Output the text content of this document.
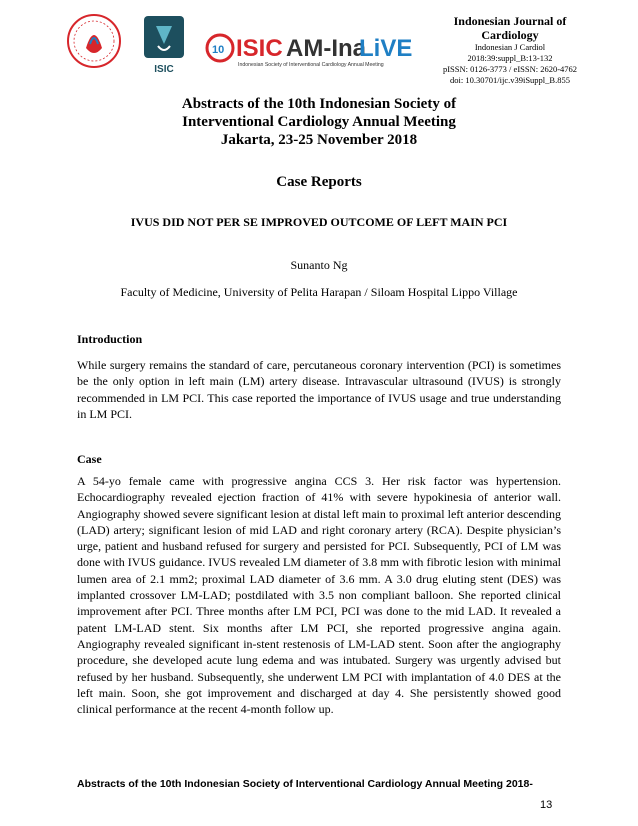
ISIC
10 ISIC AM-Ina
LiVE
Indonesian Society of Interventional Cardiology Annual Meeting
Indonesian Journal of Cardiology
Indonesian J Cardiol
2018:39:suppl_B:13-132
pISSN: 0126-3773 / eISSN: 2620-4762
doi: 10.30701/ijc.v39iSuppl_B.855
Abstracts of the 10th Indonesian Society of
Interventional Cardiology Annual Meeting
Jakarta, 23-25 November 2018
Case Reports
IVUS DID NOT PER SE IMPROVED OUTCOME OF LEFT MAIN PCI
Sunanto Ng
Faculty of Medicine, University of Pelita Harapan / Siloam Hospital Lippo Village
Introduction
While surgery remains the standard of care, percutaneous coronary intervention (PCI) is sometimes be the only option in left main (LM) artery disease. Intravascular ultrasound (IVUS) is strongly recommended in LM PCI. This case reported the importance of IVUS usage and true understanding in LM PCI.
Case
A 54-yo female came with progressive angina CCS 3. Her risk factor was hypertension. Echocardiography revealed ejection fraction of 41% with severe hypokinesia of anterior wall. Angiography showed severe significant lesion at distal left main to proximal left anterior descending (LAD) artery; significant lesion of mid LAD and right coronary artery (RCA). Despite physician’s urge, patient and husband refused for surgery and persisted for PCI. Subsequently, PCI of LM was done with IVUS guidance. IVUS revealed LM diameter of 3.8 mm with fibrotic lesion with minimal lumen area of 2.1 mm2; proximal LAD diameter of 3.6 mm. A 3.0 drug eluting stent (DES) was implanted crossover LM-LAD; postdilated with 3.5 non compliant balloon. She reported clinical improvement after PCI. Three months after LM PCI, PCI was done to the mid LAD. It revealed a patent LM-LAD stent. Six months after LM PCI, she reported progressive angina again. Angiography revealed significant in-stent restenosis of LM-LAD stent. Soon after the angiography procedure, she developed acute lung edema and was intubated. Surgery was urgently advised but refused by her husband. Subsequently, she underwent LM PCI with implantation of 4.0 DES at the left main. Soon, she got improvement and discharged at day 4. She persistently showed good clinical performance at the recent 4-month follow up.
Abstracts of the 10th Indonesian Society of Interventional Cardiology Annual Meeting 2018-
13
